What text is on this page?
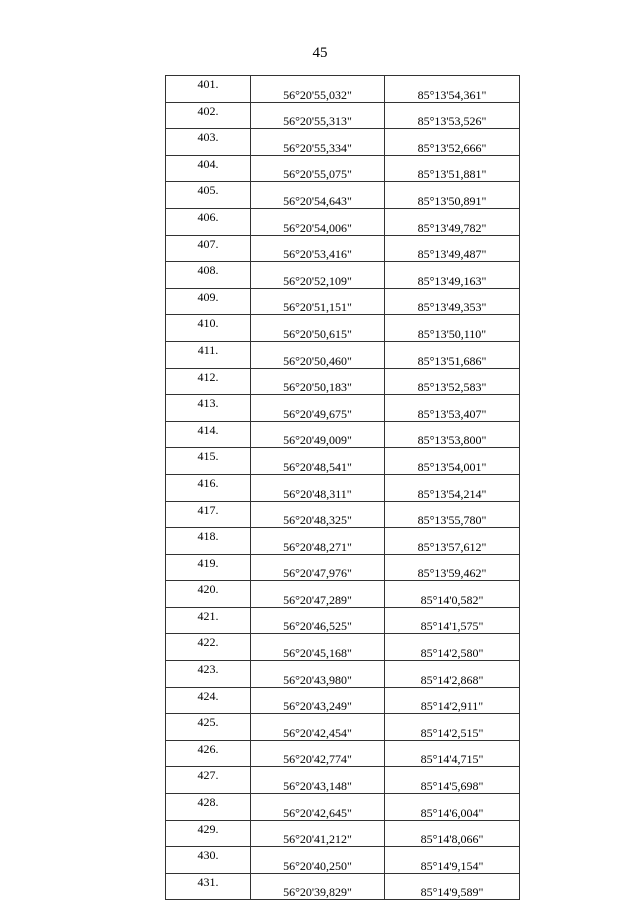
45
401.	56°20'55,032"	85°13'54,361"
402.	56°20'55,313"	85°13'53,526"
403.	56°20'55,334"	85°13'52,666"
404.	56°20'55,075"	85°13'51,881"
405.	56°20'54,643"	85°13'50,891"
406.	56°20'54,006"	85°13'49,782"
407.	56°20'53,416"	85°13'49,487"
408.	56°20'52,109"	85°13'49,163"
409.	56°20'51,151"	85°13'49,353"
410.	56°20'50,615"	85°13'50,110"
411.	56°20'50,460"	85°13'51,686"
412.	56°20'50,183"	85°13'52,583"
413.	56°20'49,675"	85°13'53,407"
414.	56°20'49,009"	85°13'53,800"
415.	56°20'48,541"	85°13'54,001"
416.	56°20'48,311"	85°13'54,214"
417.	56°20'48,325"	85°13'55,780"
418.	56°20'48,271"	85°13'57,612"
419.	56°20'47,976"	85°13'59,462"
420.	56°20'47,289"	85°14'0,582"
421.	56°20'46,525"	85°14'1,575"
422.	56°20'45,168"	85°14'2,580"
423.	56°20'43,980"	85°14'2,868"
424.	56°20'43,249"	85°14'2,911"
425.	56°20'42,454"	85°14'2,515"
426.	56°20'42,774"	85°14'4,715"
427.	56°20'43,148"	85°14'5,698"
428.	56°20'42,645"	85°14'6,004"
429.	56°20'41,212"	85°14'8,066"
430.	56°20'40,250"	85°14'9,154"
431.	56°20'39,829"	85°14'9,589"
